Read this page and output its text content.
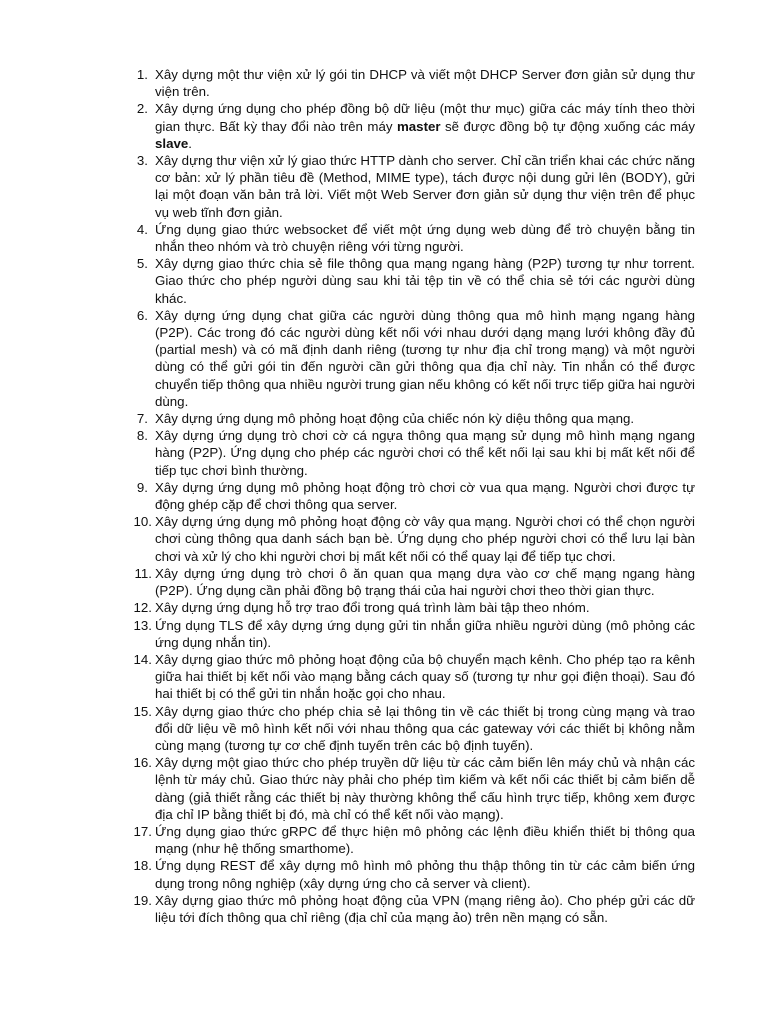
1. Xây dựng một thư viện xử lý gói tin DHCP và viết một DHCP Server đơn giản sử dụng thư viện trên.
2. Xây dựng ứng dụng cho phép đồng bộ dữ liệu (một thư mục) giữa các máy tính theo thời gian thực. Bất kỳ thay đổi nào trên máy master sẽ được đồng bộ tự động xuống các máy slave.
3. Xây dựng thư viện xử lý giao thức HTTP dành cho server. Chỉ cần triển khai các chức năng cơ bản: xử lý phần tiêu đề (Method, MIME type), tách được nội dung gửi lên (BODY), gửi lại một đoạn văn bản trả lời. Viết một Web Server đơn giản sử dụng thư viện trên để phục vụ web tĩnh đơn giản.
4. Ứng dụng giao thức websocket để viết một ứng dụng web dùng để trò chuyện bằng tin nhắn theo nhóm và trò chuyện riêng với từng người.
5. Xây dựng giao thức chia sẻ file thông qua mạng ngang hàng (P2P) tương tự như torrent. Giao thức cho phép người dùng sau khi tải tệp tin về có thể chia sẻ tới các người dùng khác.
6. Xây dựng ứng dụng chat giữa các người dùng thông qua mô hình mạng ngang hàng (P2P). Các trong đó các người dùng kết nối với nhau dưới dạng mạng lưới không đầy đủ (partial mesh) và có mã định danh riêng (tương tự như địa chỉ trong mạng) và một người dùng có thể gửi gói tin đến người cần gửi thông qua địa chỉ này. Tin nhắn có thể được chuyển tiếp thông qua nhiều người trung gian nếu không có kết nối trực tiếp giữa hai người dùng.
7. Xây dựng ứng dụng mô phỏng hoạt động của chiếc nón kỳ diệu thông qua mạng.
8. Xây dựng ứng dụng trò chơi cờ cá ngựa thông qua mạng sử dụng mô hình mạng ngang hàng (P2P). Ứng dụng cho phép các người chơi có thể kết nối lại sau khi bị mất kết nối để tiếp tục chơi bình thường.
9. Xây dựng ứng dụng mô phỏng hoạt động trò chơi cờ vua qua mạng. Người chơi được tự động ghép cặp để chơi thông qua server.
10. Xây dựng ứng dụng mô phỏng hoạt động cờ vây qua mạng. Người chơi có thể chọn người chơi cùng thông qua danh sách bạn bè. Ứng dụng cho phép người chơi có thể lưu lại bàn chơi và xử lý cho khi người chơi bị mất kết nối có thể quay lại để tiếp tục chơi.
11. Xây dựng ứng dụng trò chơi ô ăn quan qua mạng dựa vào cơ chế mạng ngang hàng (P2P). Ứng dụng cần phải đồng bộ trạng thái của hai người chơi theo thời gian thực.
12. Xây dựng ứng dụng hỗ trợ trao đổi trong quá trình làm bài tập theo nhóm.
13. Ứng dụng TLS để xây dựng ứng dụng gửi tin nhắn giữa nhiều người dùng (mô phỏng các ứng dụng nhắn tin).
14. Xây dựng giao thức mô phỏng hoạt động của bộ chuyển mạch kênh. Cho phép tạo ra kênh giữa hai thiết bị kết nối vào mạng bằng cách quay số (tương tự như gọi điện thoại). Sau đó hai thiết bị có thể gửi tin nhắn hoặc gọi cho nhau.
15. Xây dựng giao thức cho phép chia sẻ lại thông tin về các thiết bị trong cùng mạng và trao đổi dữ liệu về mô hình kết nối với nhau thông qua các gateway với các thiết bị không nằm cùng mạng (tương tự cơ chế định tuyến trên các bộ định tuyến).
16. Xây dựng một giao thức cho phép truyền dữ liệu từ các cảm biến lên máy chủ và nhận các lệnh từ máy chủ. Giao thức này phải cho phép tìm kiếm và kết nối các thiết bị cảm biến dễ dàng (giả thiết rằng các thiết bị này thường không thể cấu hình trực tiếp, không xem được địa chỉ IP bằng thiết bị đó, mà chỉ có thể kết nối vào mạng).
17. Ứng dụng giao thức gRPC để thực hiện mô phỏng các lệnh điều khiển thiết bị thông qua mạng (như hệ thống smarthome).
18. Ứng dụng REST để xây dựng mô hình mô phỏng thu thập thông tin từ các cảm biến ứng dụng trong nông nghiệp (xây dựng ứng cho cả server và client).
19. Xây dựng giao thức mô phỏng hoạt động của VPN (mạng riêng ảo). Cho phép gửi các dữ liệu tới đích thông qua chỉ riêng (địa chỉ của mạng ảo) trên nền mạng có sẵn.
